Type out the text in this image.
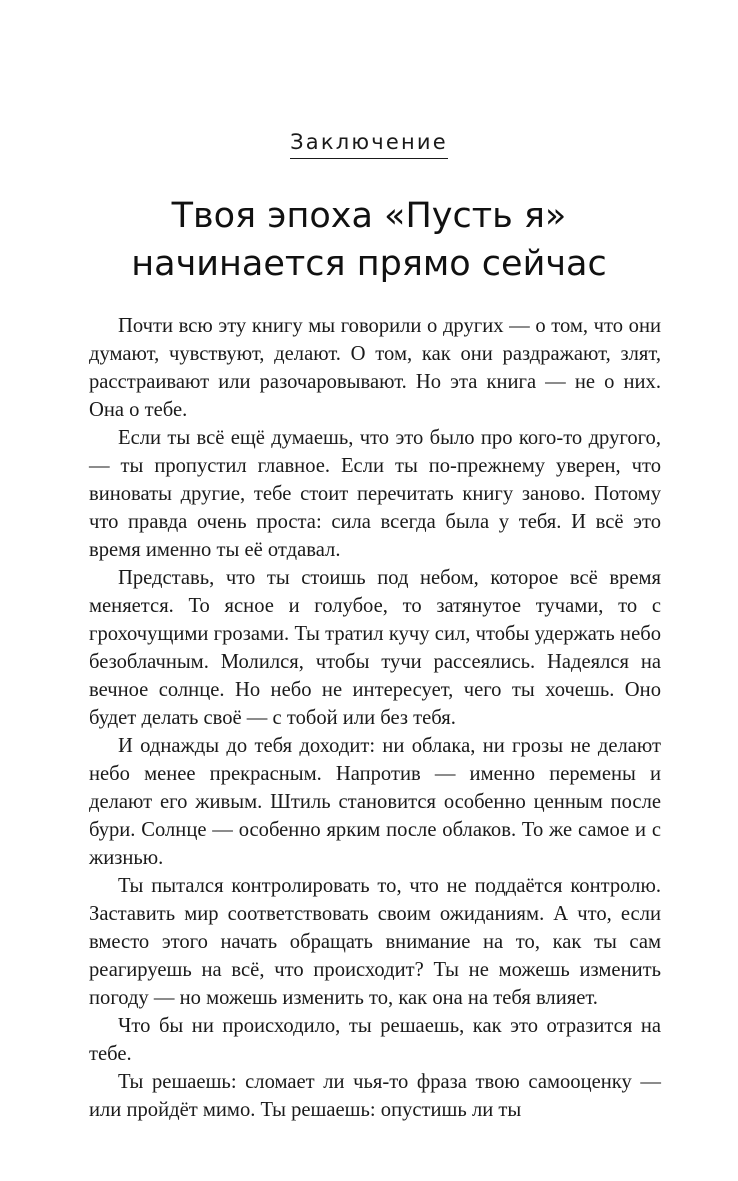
Заключение
Твоя эпоха «Пусть я»
начинается прямо сейчас

Почти всю эту книгу мы говорили о других — о том, что они думают, чувствуют, делают. О том, как они раздражают, злят, расстраивают или разочаровывают. Но эта книга — не о них. Она о тебе.

Если ты всё ещё думаешь, что это было про кого-то другого, — ты пропустил главное. Если ты по-прежнему уверен, что виноваты другие, тебе стоит перечитать книгу заново. Потому что правда очень проста: сила всегда была у тебя. И всё это время именно ты её отдавал.

Представь, что ты стоишь под небом, которое всё время меняется. То ясное и голубое, то затянутое тучами, то с грохочущими грозами. Ты тратил кучу сил, чтобы удержать небо безоблачным. Молился, чтобы тучи рассеялись. Надеялся на вечное солнце. Но небо не интересует, чего ты хочешь. Оно будет делать своё — с тобой или без тебя.

И однажды до тебя доходит: ни облака, ни грозы не делают небо менее прекрасным. Напротив — именно перемены и делают его живым. Штиль становится особенно ценным после бури. Солнце — особенно ярким после облаков. То же самое и с жизнью.

Ты пытался контролировать то, что не поддаётся контролю. Заставить мир соответствовать своим ожиданиям. А что, если вместо этого начать обращать внимание на то, как ты сам реагируешь на всё, что происходит? Ты не можешь изменить погоду — но можешь изменить то, как она на тебя влияет.

Что бы ни происходило, ты решаешь, как это отразится на тебе.

Ты решаешь: сломает ли чья-то фраза твою самооценку — или пройдёт мимо. Ты решаешь: опустишь ли ты
